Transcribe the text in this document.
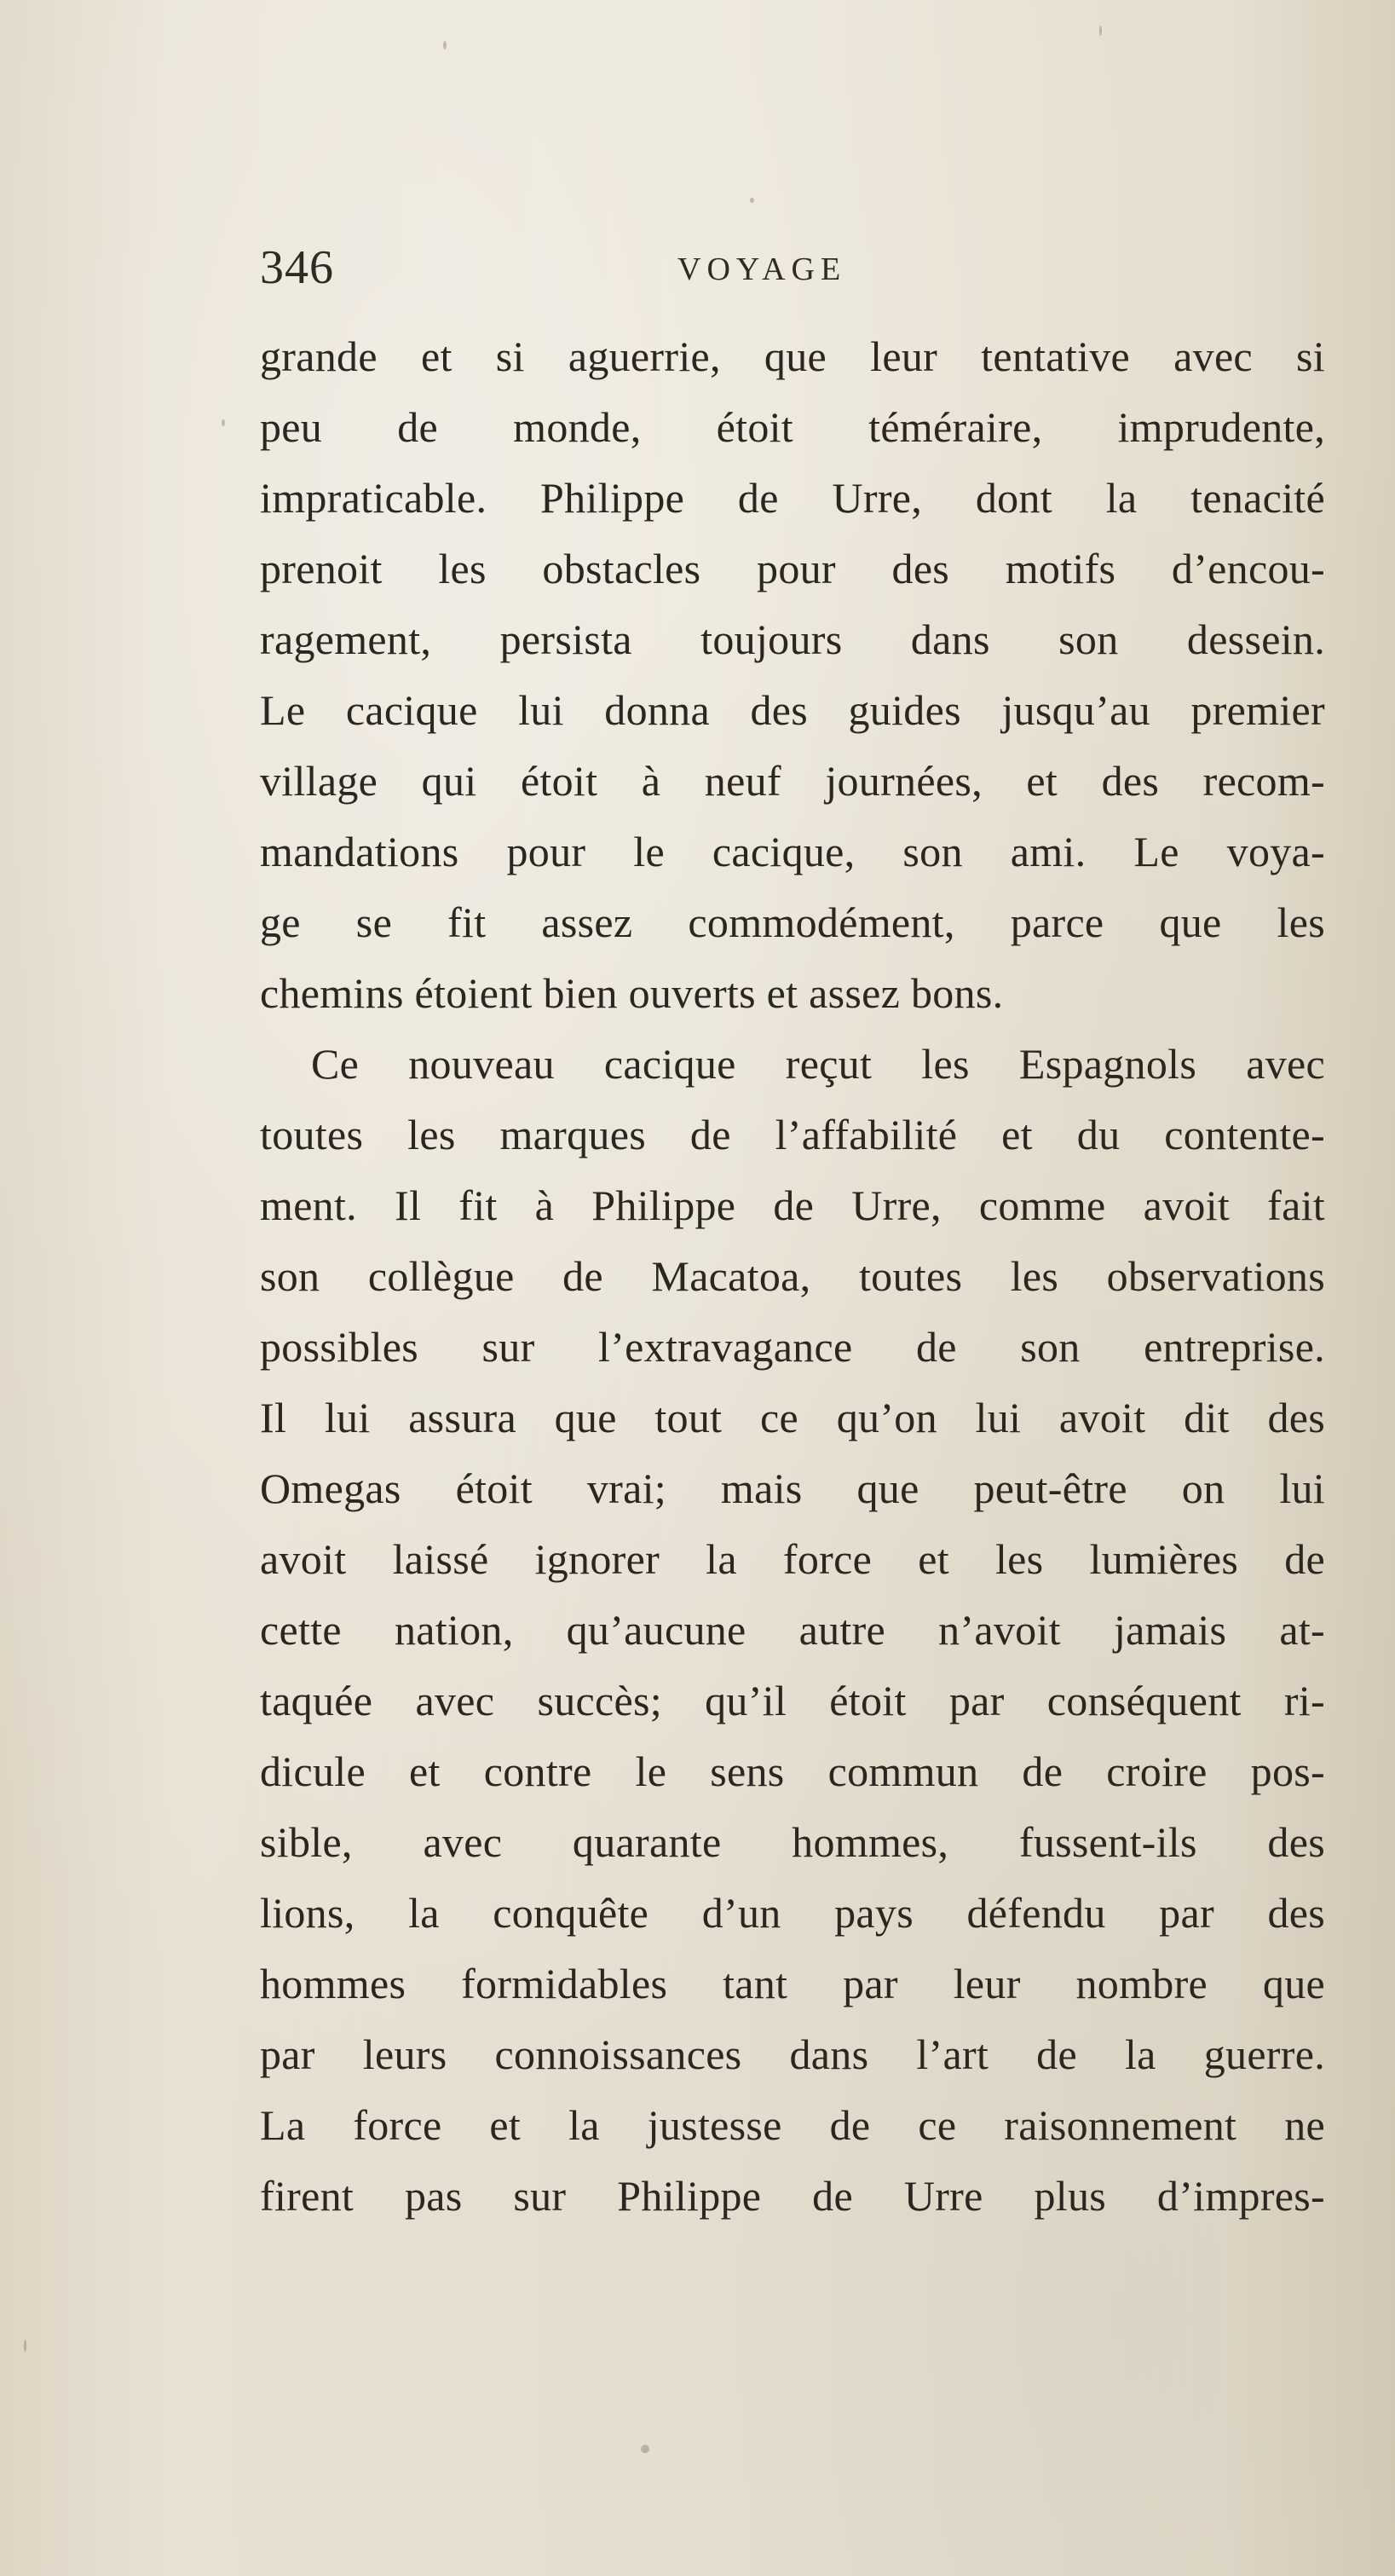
346	VOYAGE
grande et si aguerrie, que leur tentative avec si
peu de monde, étoit téméraire, imprudente,
impraticable. Philippe de Urre, dont la tenacité
prenoit les obstacles pour des motifs d’encou-
ragement, persista toujours dans son dessein.
Le cacique lui donna des guides jusqu’au premier
village qui étoit à neuf journées, et des recom-
mandations pour le cacique, son ami. Le voya-
ge se fit assez commodément, parce que les
chemins étoient bien ouverts et assez bons.
Ce nouveau cacique reçut les Espagnols avec
toutes les marques de l’affabilité et du contente-
ment. Il fit à Philippe de Urre, comme avoit fait
son collègue de Macatoa, toutes les observations
possibles sur l’extravagance de son entreprise.
Il lui assura que tout ce qu’on lui avoit dit des
Omegas étoit vrai; mais que peut-être on lui
avoit laissé ignorer la force et les lumières de
cette nation, qu’aucune autre n’avoit jamais at-
taquée avec succès; qu’il étoit par conséquent ri-
dicule et contre le sens commun de croire pos-
sible, avec quarante hommes, fussent-ils des
lions, la conquête d’un pays défendu par des
hommes formidables tant par leur nombre que
par leurs connoissances dans l’art de la guerre.
La force et la justesse de ce raisonnement ne
firent pas sur Philippe de Urre plus d’impres-
